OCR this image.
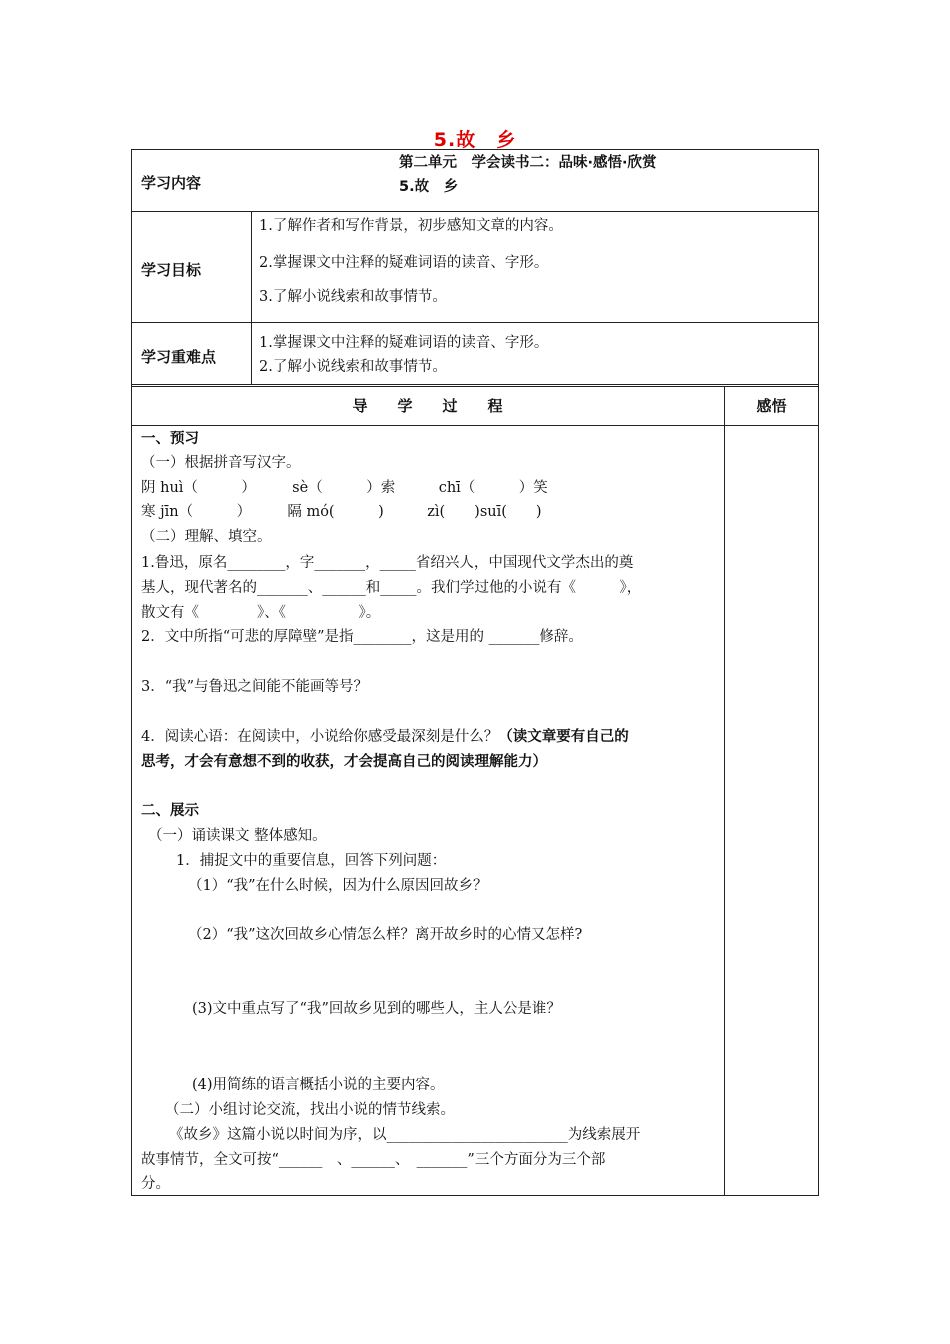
5.故　乡
学习内容
第二单元　学会读书二：品味·感悟·欣赏
5.故　乡
学习目标
1.了解作者和写作背景，初步感知文章的内容。
2.掌握课文中注释的疑难词语的读音、字形。
3.了解小说线索和故事情节。
学习重难点
1.掌握课文中注释的疑难词语的读音、字形。
2.了解小说线索和故事情节。
导　　学　　过　　程	感悟
一、预习
（一）根据拼音写汉字。
阴 huì（　　　）　　　sè（　　　）索　　　chī（　　　）笑
寒 jīn（　　　）　　　隔 mó(　　　)　　　zì(　　)suī(　　)
（二）理解、填空。
1.鲁迅，原名________，字_______，_____省绍兴人，中国现代文学杰出的奠
基人，现代著名的_______、______和_____。我们学过他的小说有《　　　》，
散文有《　　　　》、《　　　　　》。
2．文中所指“可悲的厚障壁”是指________，这是用的 _______修辞。
3．“我”与鲁迅之间能不能画等号？
4．阅读心语：在阅读中，小说给你感受最深刻是什么？（读文章要有自己的
思考，才会有意想不到的收获，才会提高自己的阅读理解能力）
二、展示
（一）诵读课文 整体感知。
1．捕捉文中的重要信息，回答下列问题：
（1）“我”在什么时候，因为什么原因回故乡？
（2）“我”这次回故乡心情怎么样？离开故乡时的心情又怎样?
(3)文中重点写了“我”回故乡见到的哪些人，主人公是谁？
(4)用简练的语言概括小说的主要内容。
（二）小组讨论交流，找出小说的情节线索。
《故乡》这篇小说以时间为序，以_________________________为线索展开
故事情节，全文可按“______　、______、　_______”三个方面分为三个部
分。
